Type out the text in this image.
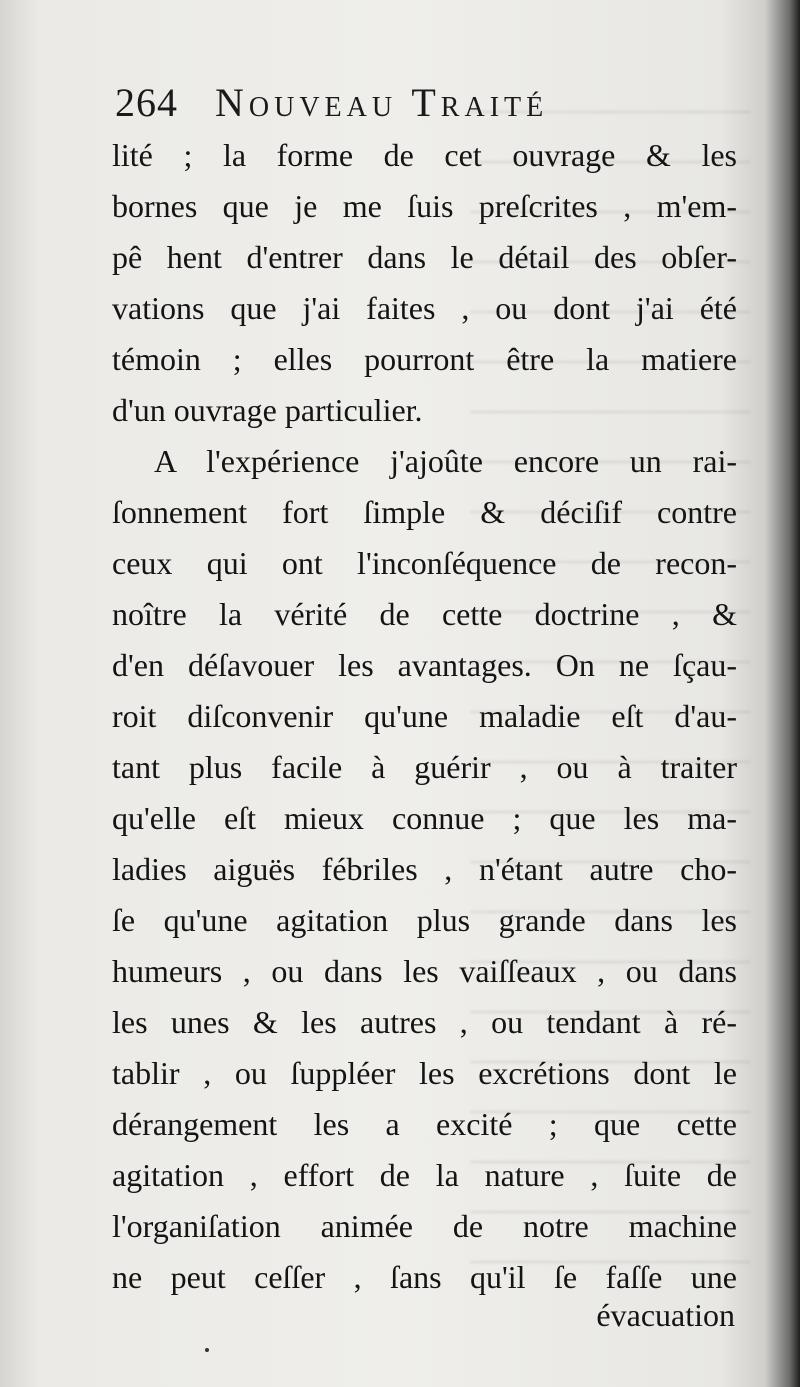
264 Nouveau Traité
lité ; la forme de cet ouvrage & les
bornes que je me ſuis preſcrites , m'em-
pê hent d'entrer dans le détail des obſer-
vations que j'ai faites , ou dont j'ai été
témoin ; elles pourront être la matiere
d'un ouvrage particulier.
A l'expérience j'ajoûte encore un rai-
ſonnement fort ſimple & déciſif contre
ceux qui ont l'inconſéquence de recon-
noître la vérité de cette doctrine , &
d'en déſavouer les avantages. On ne ſçau-
roit diſconvenir qu'une maladie eſt d'au-
tant plus facile à guérir , ou à traiter
qu'elle eſt mieux connue ; que les ma-
ladies aiguës fébriles , n'étant autre cho-
ſe qu'une agitation plus grande dans les
humeurs , ou dans les vaiſſeaux , ou dans
les unes & les autres , ou tendant à ré-
tablir , ou ſuppléer les excrétions dont le
dérangement les a excité ; que cette
agitation , effort de la nature , ſuite de
l'organiſation animée de notre machine
ne peut ceſſer , ſans qu'il ſe faſſe une
évacuation
